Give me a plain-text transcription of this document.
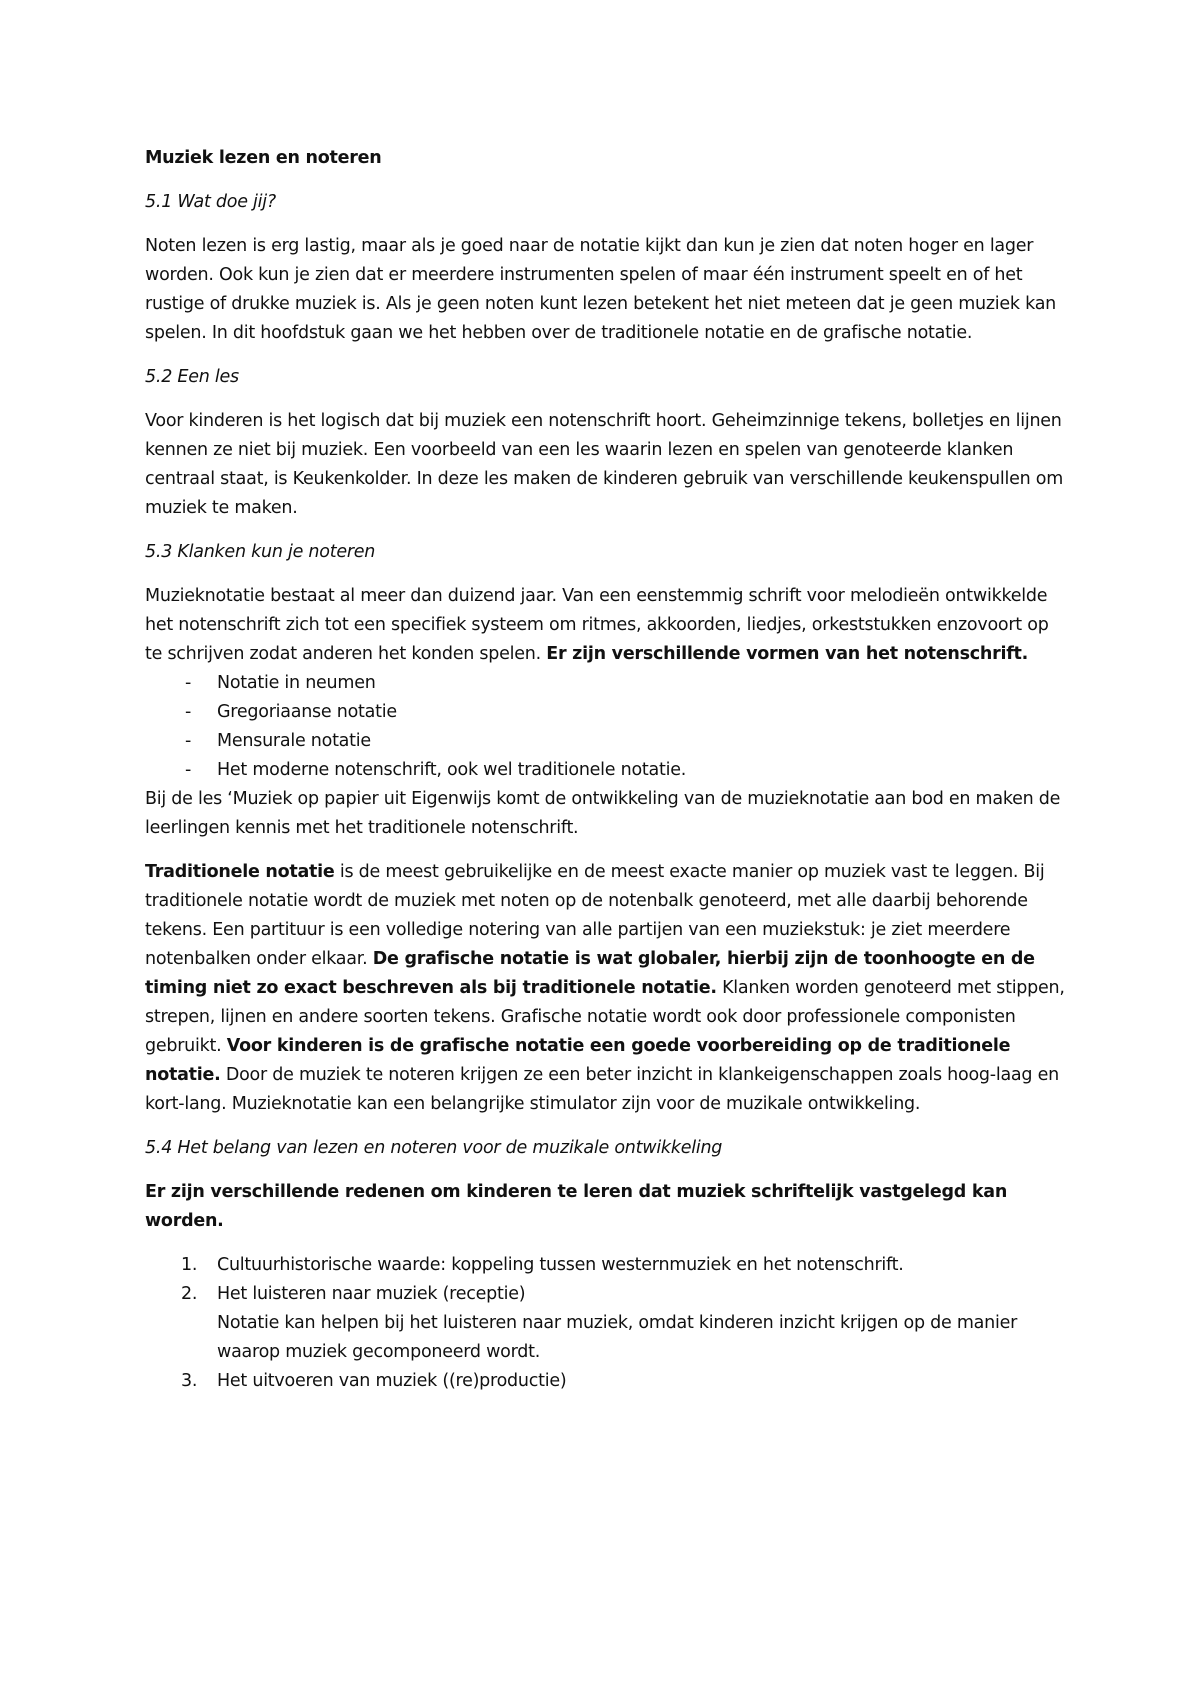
Muziek lezen en noteren

5.1 Wat doe jij?

Noten lezen is erg lastig, maar als je goed naar de notatie kijkt dan kun je zien dat noten hoger en lager worden. Ook kun je zien dat er meerdere instrumenten spelen of maar één instrument speelt en of het rustige of drukke muziek is. Als je geen noten kunt lezen betekent het niet meteen dat je geen muziek kan spelen. In dit hoofdstuk gaan we het hebben over de traditionele notatie en de grafische notatie.

5.2 Een les

Voor kinderen is het logisch dat bij muziek een notenschrift hoort. Geheimzinnige tekens, bolletjes en lijnen kennen ze niet bij muziek. Een voorbeeld van een les waarin lezen en spelen van genoteerde klanken centraal staat, is Keukenkolder. In deze les maken de kinderen gebruik van verschillende keukenspullen om muziek te maken.

5.3 Klanken kun je noteren

Muzieknotatie bestaat al meer dan duizend jaar. Van een eenstemmig schrift voor melodieën ontwikkelde het notenschrift zich tot een specifiek systeem om ritmes, akkoorden, liedjes, orkeststukken enzovoort op te schrijven zodat anderen het konden spelen. Er zijn verschillende vormen van het notenschrift.

- Notatie in neumen
- Gregoriaanse notatie
- Mensurale notatie
- Het moderne notenschrift, ook wel traditionele notatie.

Bij de les ‘Muziek op papier uit Eigenwijs komt de ontwikkeling van de muzieknotatie aan bod en maken de leerlingen kennis met het traditionele notenschrift.

Traditionele notatie is de meest gebruikelijke en de meest exacte manier op muziek vast te leggen. Bij traditionele notatie wordt de muziek met noten op de notenbalk genoteerd, met alle daarbij behorende tekens. Een partituur is een volledige notering van alle partijen van een muziekstuk: je ziet meerdere notenbalken onder elkaar. De grafische notatie is wat globaler, hierbij zijn de toonhoogte en de timing niet zo exact beschreven als bij traditionele notatie. Klanken worden genoteerd met stippen, strepen, lijnen en andere soorten tekens. Grafische notatie wordt ook door professionele componisten gebruikt. Voor kinderen is de grafische notatie een goede voorbereiding op de traditionele notatie. Door de muziek te noteren krijgen ze een beter inzicht in klankeigenschappen zoals hoog-laag en kort-lang. Muzieknotatie kan een belangrijke stimulator zijn voor de muzikale ontwikkeling.

5.4 Het belang van lezen en noteren voor de muzikale ontwikkeling

Er zijn verschillende redenen om kinderen te leren dat muziek schriftelijk vastgelegd kan worden.

1. Cultuurhistorische waarde: koppeling tussen westernmuziek en het notenschrift.
2. Het luisteren naar muziek (receptie)
Notatie kan helpen bij het luisteren naar muziek, omdat kinderen inzicht krijgen op de manier waarop muziek gecomponeerd wordt.
3. Het uitvoeren van muziek ((re)productie)
